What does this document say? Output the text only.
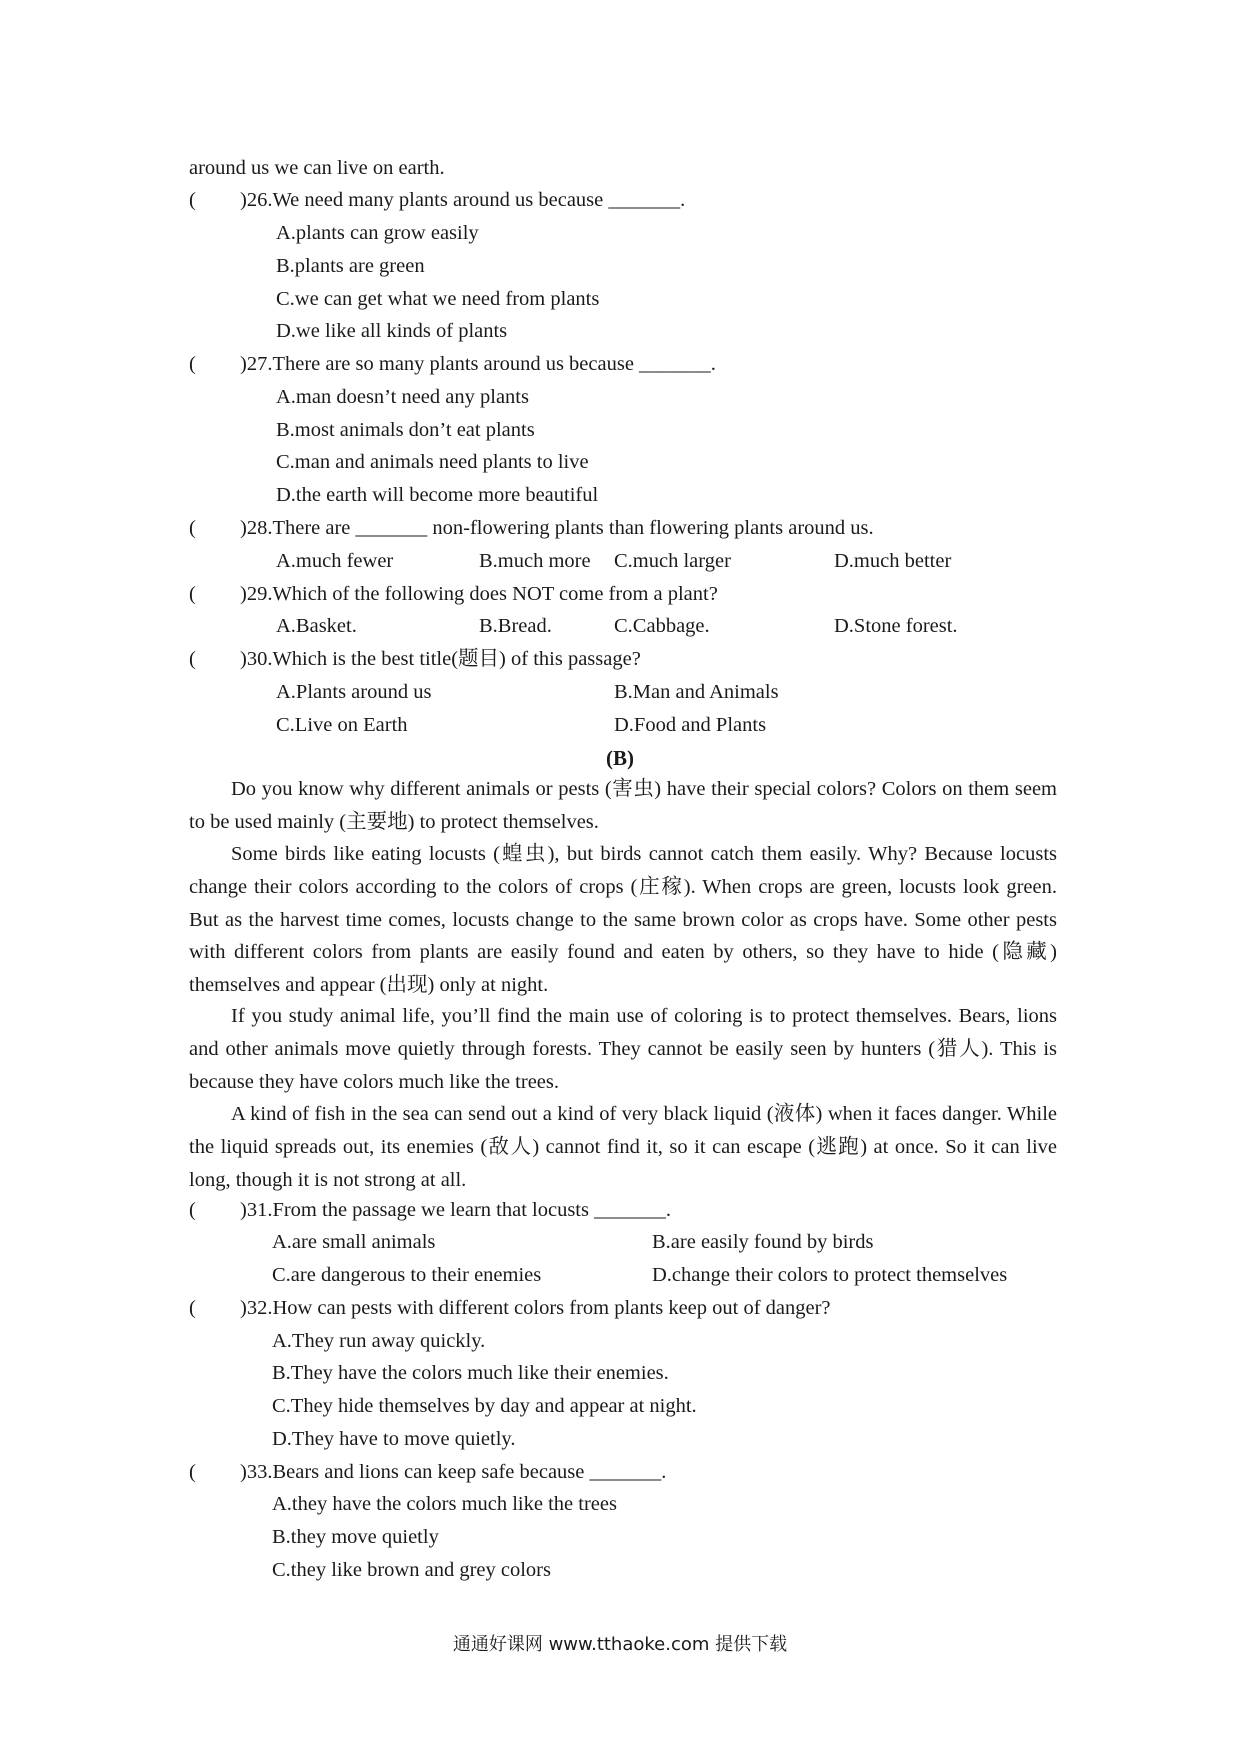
around us we can live on earth.
( )26.We need many plants around us because _______.
A.plants can grow easily
B.plants are green
C.we can get what we need from plants
D.we like all kinds of plants
( )27.There are so many plants around us because _______.
A.man doesn’t need any plants
B.most animals don’t eat plants
C.man and animals need plants to live
D.the earth will become more beautiful
( )28.There are _______ non-flowering plants than flowering plants around us.
A.much fewer	B.much more C.much larger	D.much better
( )29.Which of the following does NOT come from a plant?
A.Basket.	B.Bread.	C.Cabbage.	D.Stone forest.
( )30.Which is the best title(题目) of this passage?
A.Plants around us	B.Man and Animals
C.Live on Earth	D.Food and Plants
(B)
Do you know why different animals or pests (害虫) have their special colors? Colors on them seem to be used mainly (主要地) to protect themselves.
Some birds like eating locusts (蝗虫), but birds cannot catch them easily. Why? Because locusts change their colors according to the colors of crops (庄稼). When crops are green, locusts look green. But as the harvest time comes, locusts change to the same brown color as crops have. Some other pests with different colors from plants are easily found and eaten by others, so they have to hide (隐藏) themselves and appear (出现) only at night.
If you study animal life, you’ll find the main use of coloring is to protect themselves. Bears, lions and other animals move quietly through forests. They cannot be easily seen by hunters (猎人). This is because they have colors much like the trees.
A kind of fish in the sea can send out a kind of very black liquid (液体) when it faces danger. While the liquid spreads out, its enemies (敌人) cannot find it, so it can escape (逃跑) at once. So it can live long, though it is not strong at all.
( )31.From the passage we learn that locusts _______.
A.are small animals	B.are easily found by birds
C.are dangerous to their enemies	D.change their colors to protect themselves
( )32.How can pests with different colors from plants keep out of danger?
A.They run away quickly.
B.They have the colors much like their enemies.
C.They hide themselves by day and appear at night.
D.They have to move quietly.
( )33.Bears and lions can keep safe because _______.
A.they have the colors much like the trees
B.they move quietly
C.they like brown and grey colors
通通好课网 www.tthaoke.com 提供下载
